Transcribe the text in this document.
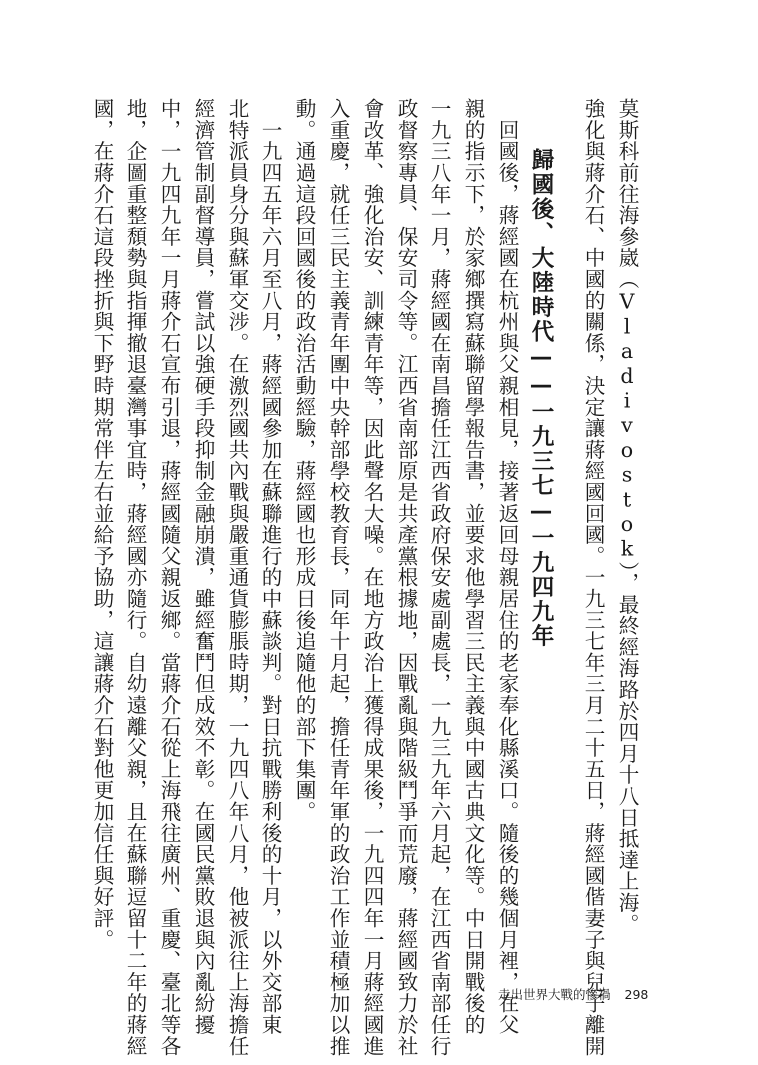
莫斯科前往海參崴（Vladivostok），最終經海路於四月十八日抵達上海。
強化與蔣介石、中國的關係，決定讓蔣經國回國。一九三七年三月二十五日，蔣經國偕妻子與兒子離開
歸國後、大陸時代——一九三七—一九四九年
　回國後，蔣經國在杭州與父親相見，接著返回母親居住的老家奉化縣溪口。隨後的幾個月裡，在父
親的指示下，於家鄉撰寫蘇聯留學報告書，並要求他學習三民主義與中國古典文化等。中日開戰後的
一九三八年一月，蔣經國在南昌擔任江西省政府保安處副處長，一九三九年六月起，在江西省南部任行
政督察專員、保安司令等。江西省南部原是共產黨根據地，因戰亂與階級鬥爭而荒廢，蔣經國致力於社
會改革、強化治安、訓練青年等，因此聲名大噪。在地方政治上獲得成果後，一九四四年一月蔣經國進
入重慶，就任三民主義青年團中央幹部學校教育長，同年十月起，擔任青年軍的政治工作並積極加以推
動。通過這段回國後的政治活動經驗，蔣經國也形成日後追隨他的部下集團。
　一九四五年六月至八月，蔣經國參加在蘇聯進行的中蘇談判。對日抗戰勝利後的十月，以外交部東
北特派員身分與蘇軍交涉。在激烈國共內戰與嚴重通貨膨脹時期，一九四八年八月，他被派往上海擔任
經濟管制副督導員，嘗試以強硬手段抑制金融崩潰，雖經奮鬥但成效不彰。在國民黨敗退與內亂紛擾
中，一九四九年一月蔣介石宣布引退，蔣經國隨父親返鄉。當蔣介石從上海飛往廣州、重慶、臺北等各
地，企圖重整頹勢與指揮撤退臺灣事宜時，蔣經國亦隨行。自幼遠離父親，且在蘇聯逗留十二年的蔣經
國，在蔣介石這段挫折與下野時期常伴左右並給予協助，這讓蔣介石對他更加信任與好評。
走出世界大戰的慘禍 298
